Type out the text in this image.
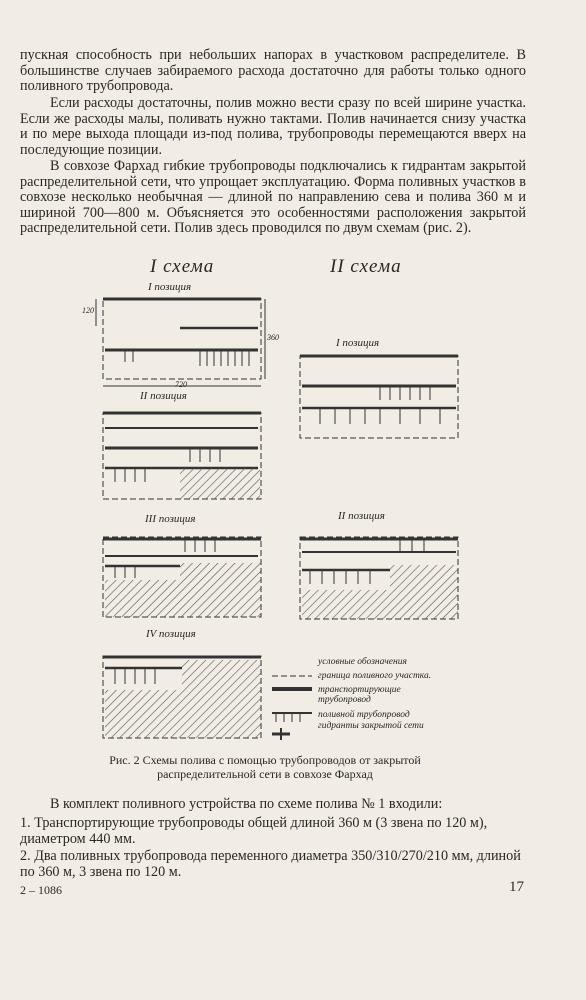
пускная способность при небольших напорах в участковом распределителе. В большинстве случаев забираемого расхода достаточно для работы только одного поливного трубопровода.

Если расходы достаточны, полив можно вести сразу по всей ширине участка. Если же расходы малы, поливать нужно тактами. Полив начинается снизу участка и по мере выхода площади из-под полива, трубопроводы перемещаются вверх на последующие позиции.

В совхозе Фархад гибкие трубопроводы подключались к гидрантам закрытой распределительной сети, что упрощает эксплуатацию. Форма поливных участков в совхозе несколько необычная — длиной по направлению сева и полива 360 м и шириной 700—800 м. Объясняется это особенностями расположения закрытой распределительной сети. Полив здесь проводился по двум схемам (рис. 2).

I схема	II схема
I позиция
120
360
720
II позиция
III позиция
IV позиция
I позиция
II позиция
условные обозначения
граница поливного участка.
транспортирующие трубопровод
поливной трубопровод
гидранты закрытой сети
Рис. 2 Схемы полива с помощью трубопроводов от закрытой распределительной сети в совхозе Фархад

В комплект поливного устройства по схеме полива № 1 входили:

1. Транспортирующие трубопроводы общей длиной 360 м (3 звена по 120 м), диаметром 440 мм.

2. Два поливных трубопровода переменного диаметра 350/310/270/210 мм, длиной по 360 м, 3 звена по 120 м.

2 – 1086	17
